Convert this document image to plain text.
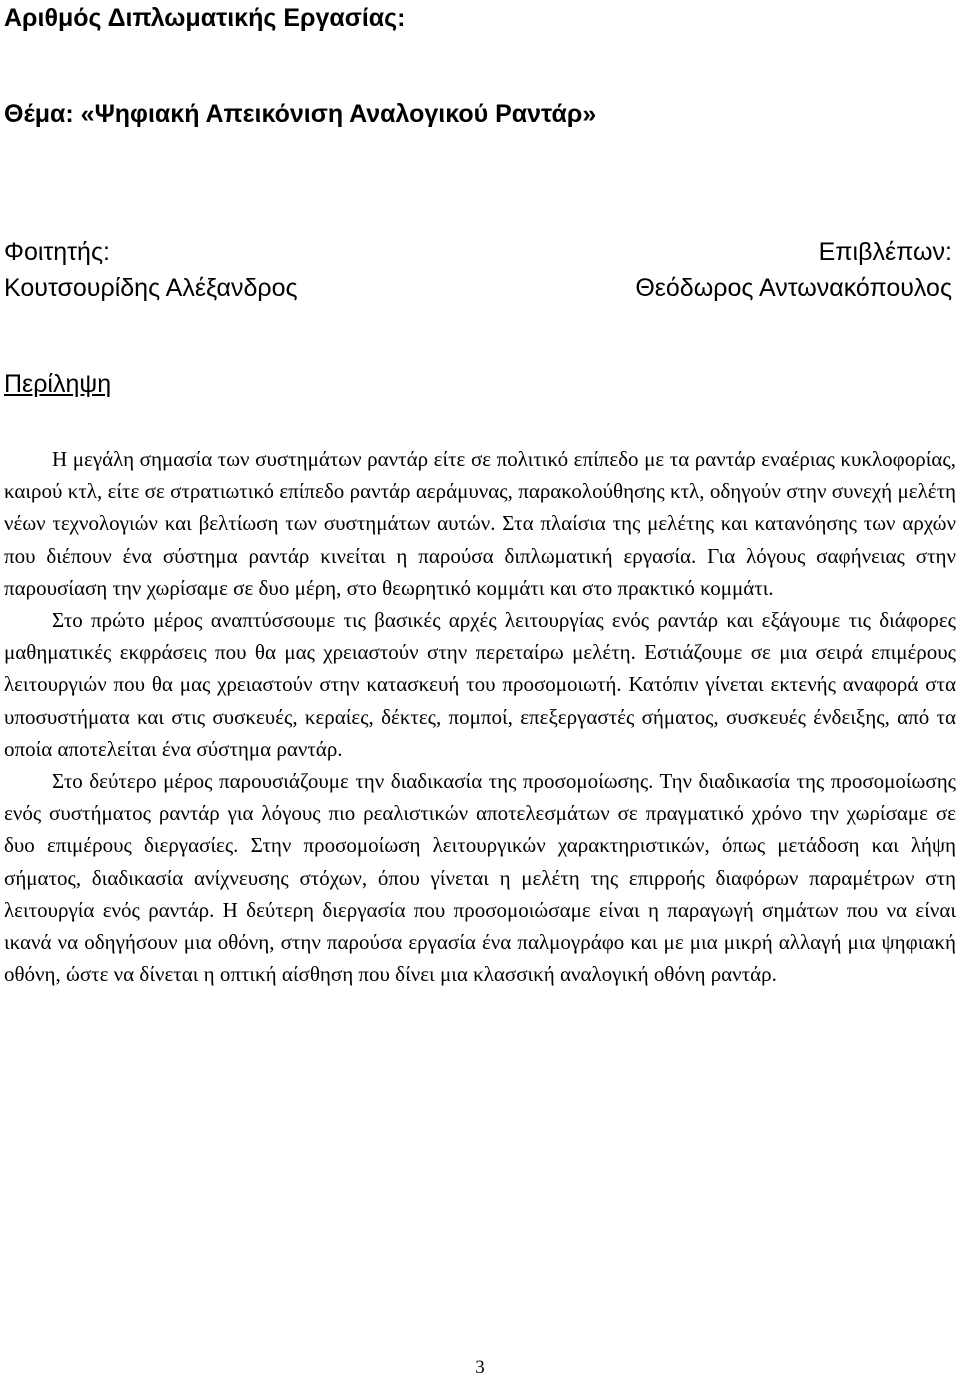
Αριθμός Διπλωματικής Εργασίας:
Θέμα: «Ψηφιακή Απεικόνιση Αναλογικού Ραντάρ»
Φοιτητής:
Κουτσουρίδης Αλέξανδρος
Επιβλέπων:
Θεόδωρος Αντωνακόπουλος
Περίληψη

Η μεγάλη σημασία των συστημάτων ραντάρ είτε σε πολιτικό επίπεδο με τα ραντάρ εναέριας κυκλοφορίας, καιρού κτλ, είτε σε στρατιωτικό επίπεδο ραντάρ αεράμυνας, παρακολούθησης κτλ, οδηγούν στην συνεχή μελέτη νέων τεχνολογιών και βελτίωση των συστημάτων αυτών. Στα πλαίσια της μελέτης και κατανόησης των αρχών που διέπουν ένα σύστημα ραντάρ κινείται η παρούσα διπλωματική εργασία. Για λόγους σαφήνειας στην παρουσίαση την χωρίσαμε σε δυο μέρη, στο θεωρητικό κομμάτι και στο πρακτικό κομμάτι.

Στο πρώτο μέρος αναπτύσσουμε τις βασικές αρχές λειτουργίας ενός ραντάρ και εξάγουμε τις διάφορες μαθηματικές εκφράσεις που θα μας χρειαστούν στην περεταίρω μελέτη. Εστιάζουμε σε μια σειρά επιμέρους λειτουργιών που θα μας χρειαστούν στην κατασκευή του προσομοιωτή. Κατόπιν γίνεται εκτενής αναφορά στα υποσυστήματα και στις συσκευές, κεραίες, δέκτες, πομποί, επεξεργαστές σήματος, συσκευές ένδειξης, από τα οποία αποτελείται ένα σύστημα ραντάρ.

Στο δεύτερο μέρος παρουσιάζουμε την διαδικασία της προσομοίωσης. Την διαδικασία της προσομοίωσης ενός συστήματος ραντάρ για λόγους πιο ρεαλιστικών αποτελεσμάτων σε πραγματικό χρόνο την χωρίσαμε σε δυο επιμέρους διεργασίες. Στην προσομοίωση λειτουργικών χαρακτηριστικών, όπως μετάδοση και λήψη σήματος, διαδικασία ανίχνευσης στόχων, όπου γίνεται η μελέτη της επιρροής διαφόρων παραμέτρων στη λειτουργία ενός ραντάρ. Η δεύτερη διεργασία που προσομοιώσαμε είναι η παραγωγή σημάτων που να είναι ικανά να οδηγήσουν μια οθόνη, στην παρούσα εργασία ένα παλμογράφο και με μια μικρή αλλαγή μια ψηφιακή οθόνη, ώστε να δίνεται η οπτική αίσθηση που δίνει μια κλασσική αναλογική οθόνη ραντάρ.

3
